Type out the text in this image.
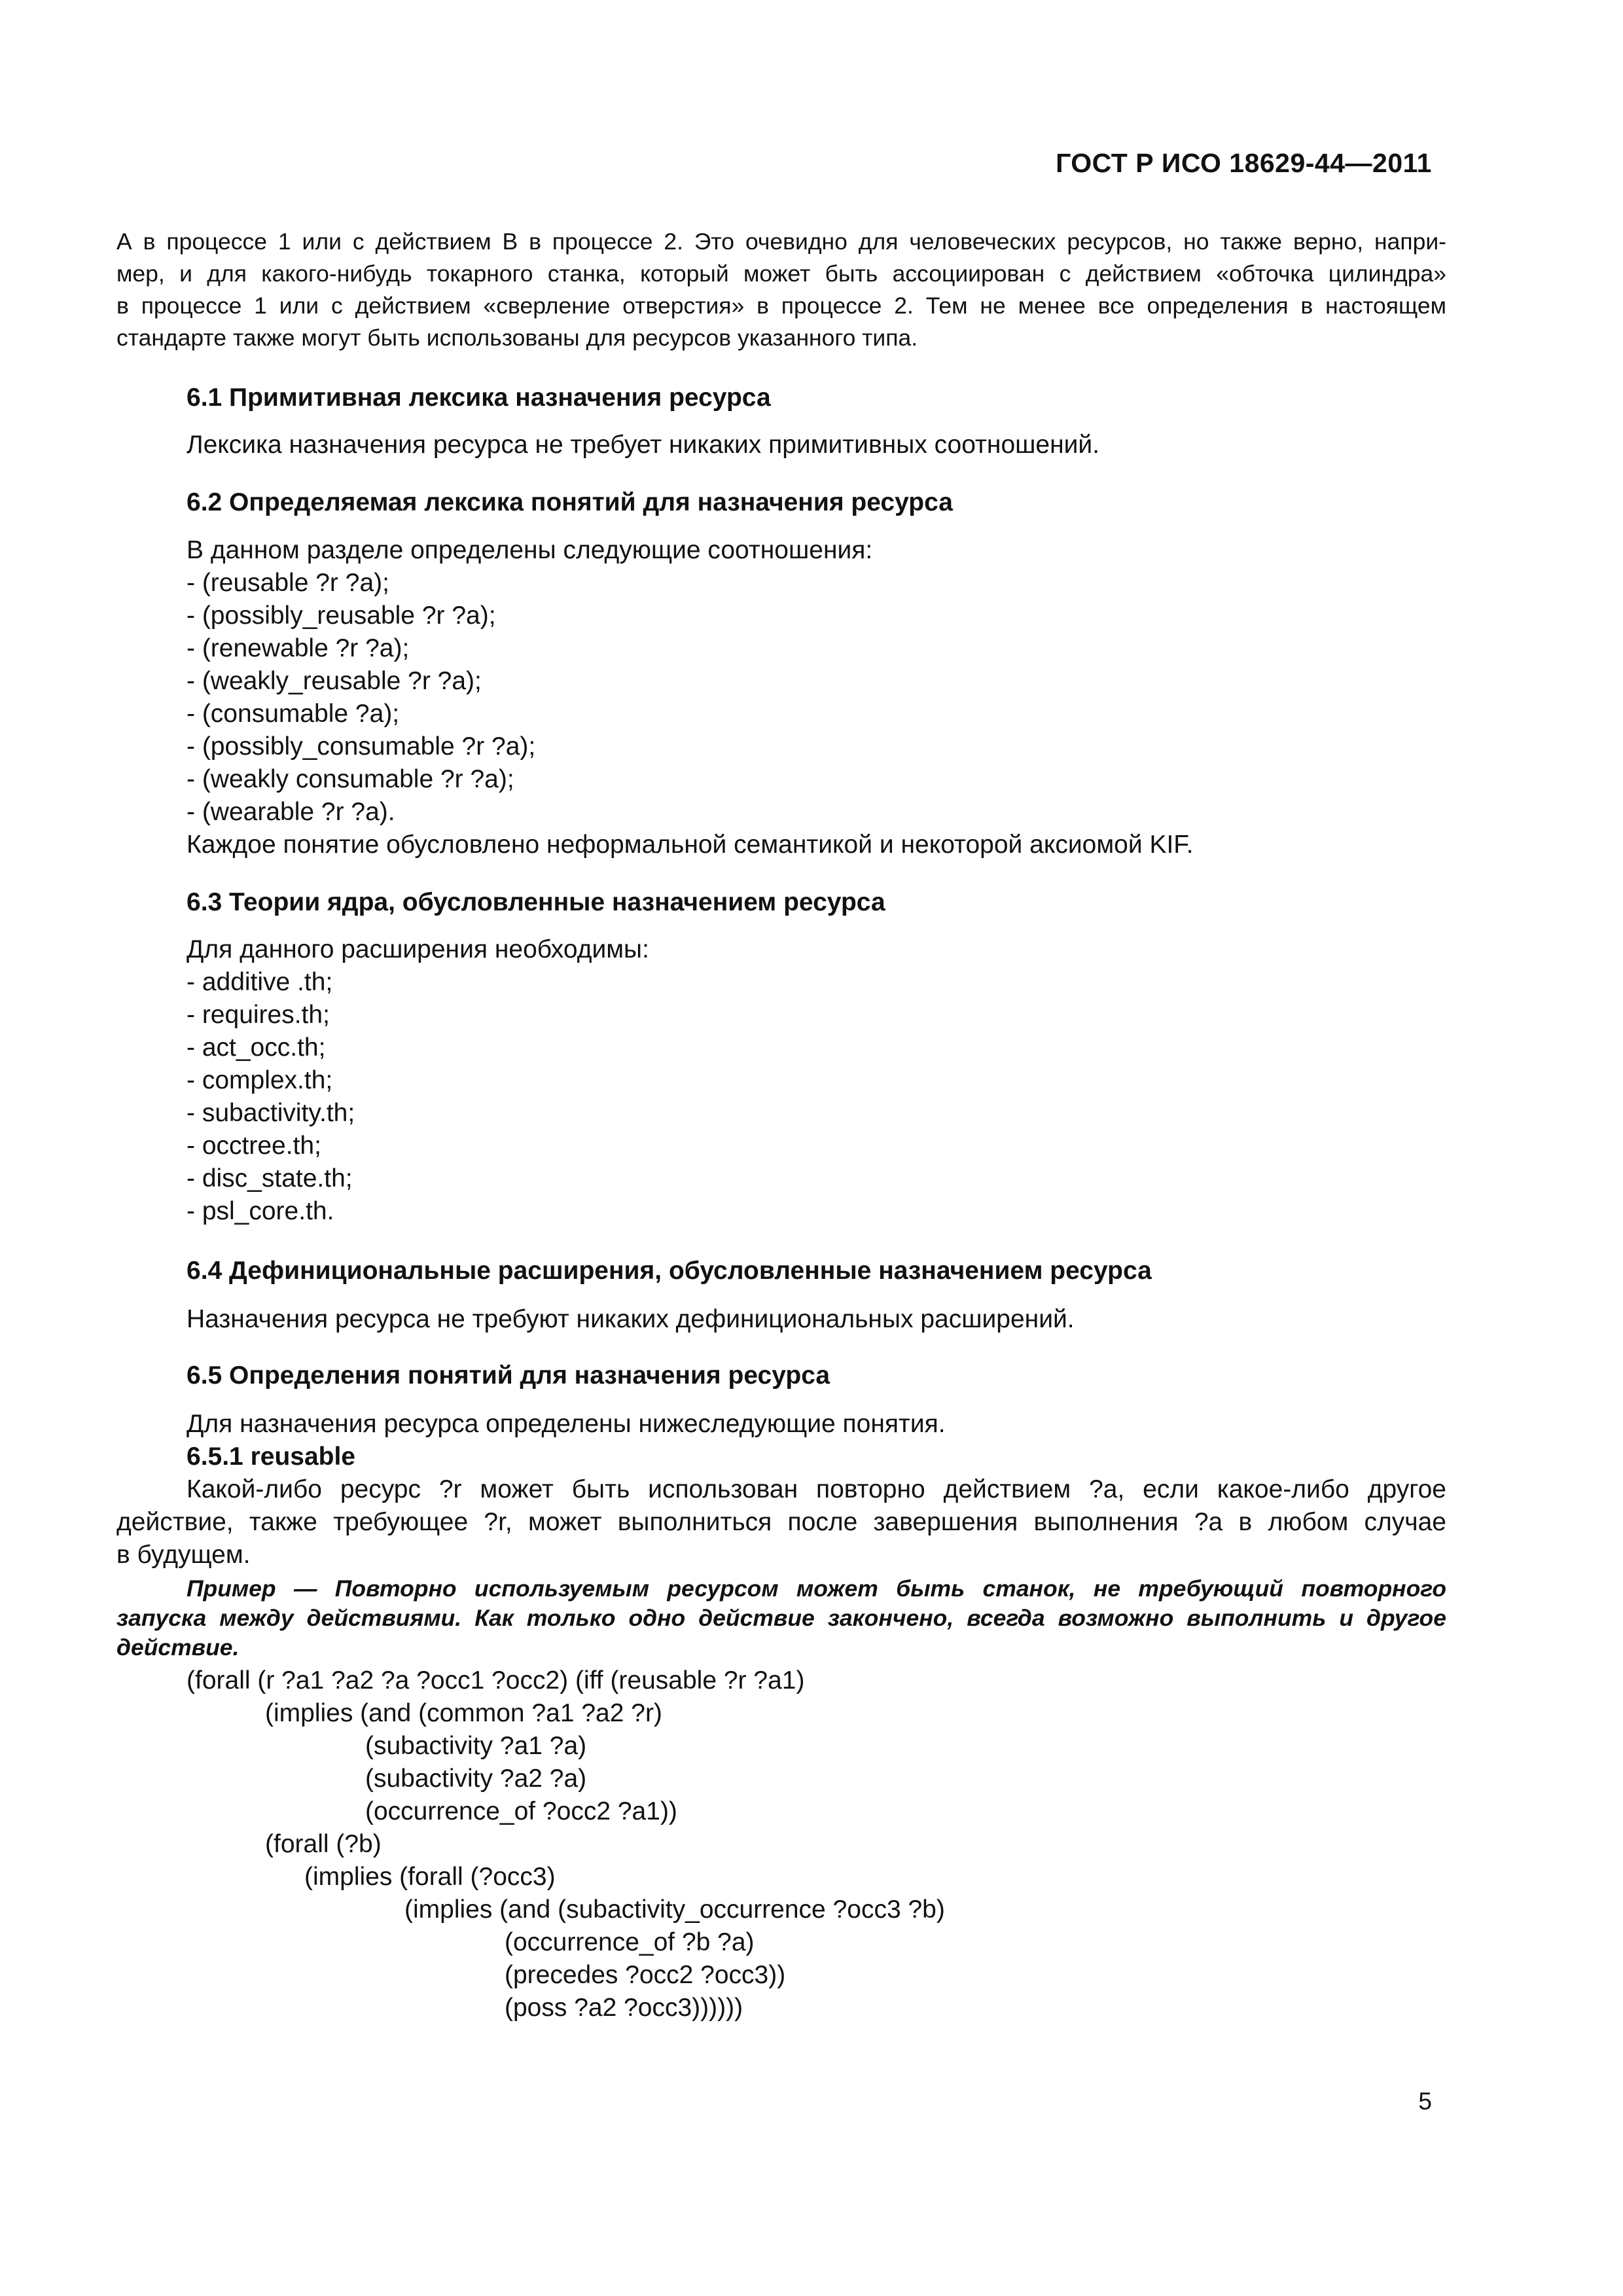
ГОСТ Р ИСО 18629-44—2011
А в процессе 1 или с действием В в процессе 2. Это очевидно для человеческих ресурсов, но также верно, напри-
мер, и для какого-нибудь токарного станка, который может быть ассоциирован с действием «обточка цилиндра»
в процессе 1 или с действием «сверление отверстия» в процессе 2. Тем не менее все определения в настоящем
стандарте также могут быть использованы для ресурсов указанного типа.

6.1 Примитивная лексика назначения ресурса

Лексика назначения ресурса не требует никаких примитивных соотношений.

6.2 Определяемая лексика понятий для назначения ресурса

В данном разделе определены следующие соотношения:
- (reusable ?r ?a);
- (possibly_reusable ?r ?a);
- (renewable ?r ?a);
- (weakly_reusable ?r ?a);
- (consumable ?a);
- (possibly_consumable ?r ?a);
- (weakly consumable ?r ?a);
- (wearable ?r ?a).
Каждое понятие обусловлено неформальной семантикой и некоторой аксиомой KIF.

6.3 Теории ядра, обусловленные назначением ресурса

Для данного расширения необходимы:
- additive .th;
- requires.th;
- act_occ.th;
- complex.th;
- subactivity.th;
- occtree.th;
- disc_state.th;
- psl_core.th.

6.4 Дефинициональные расширения, обусловленные назначением ресурса

Назначения ресурса не требуют никаких дефинициональных расширений.

6.5 Определения понятий для назначения ресурса

Для назначения ресурса определены нижеследующие понятия.

6.5.1 reusable

Какой-либо ресурс ?r может быть использован повторно действием ?a, если какое-либо другое
действие, также требующее ?r, может выполниться после завершения выполнения ?a в любом случае
в будущем.
Пример — Повторно используемым ресурсом может быть станок, не требующий повторного
запуска между действиями. Как только одно действие закончено, всегда возможно выполнить и другое
действие.
(forall (r ?a1 ?a2 ?a ?occ1 ?occ2) (iff (reusable ?r ?a1)
(implies (and (common ?a1 ?a2 ?r)
(subactivity ?a1 ?a)
(subactivity ?a2 ?a)
(occurrence_of ?occ2 ?a1))
(forall (?b)
(implies (forall (?occ3)
(implies (and (subactivity_occurrence ?occ3 ?b)
(occurrence_of ?b ?a)
(precedes ?occ2 ?occ3))
(poss ?a2 ?occ3))))))
5
